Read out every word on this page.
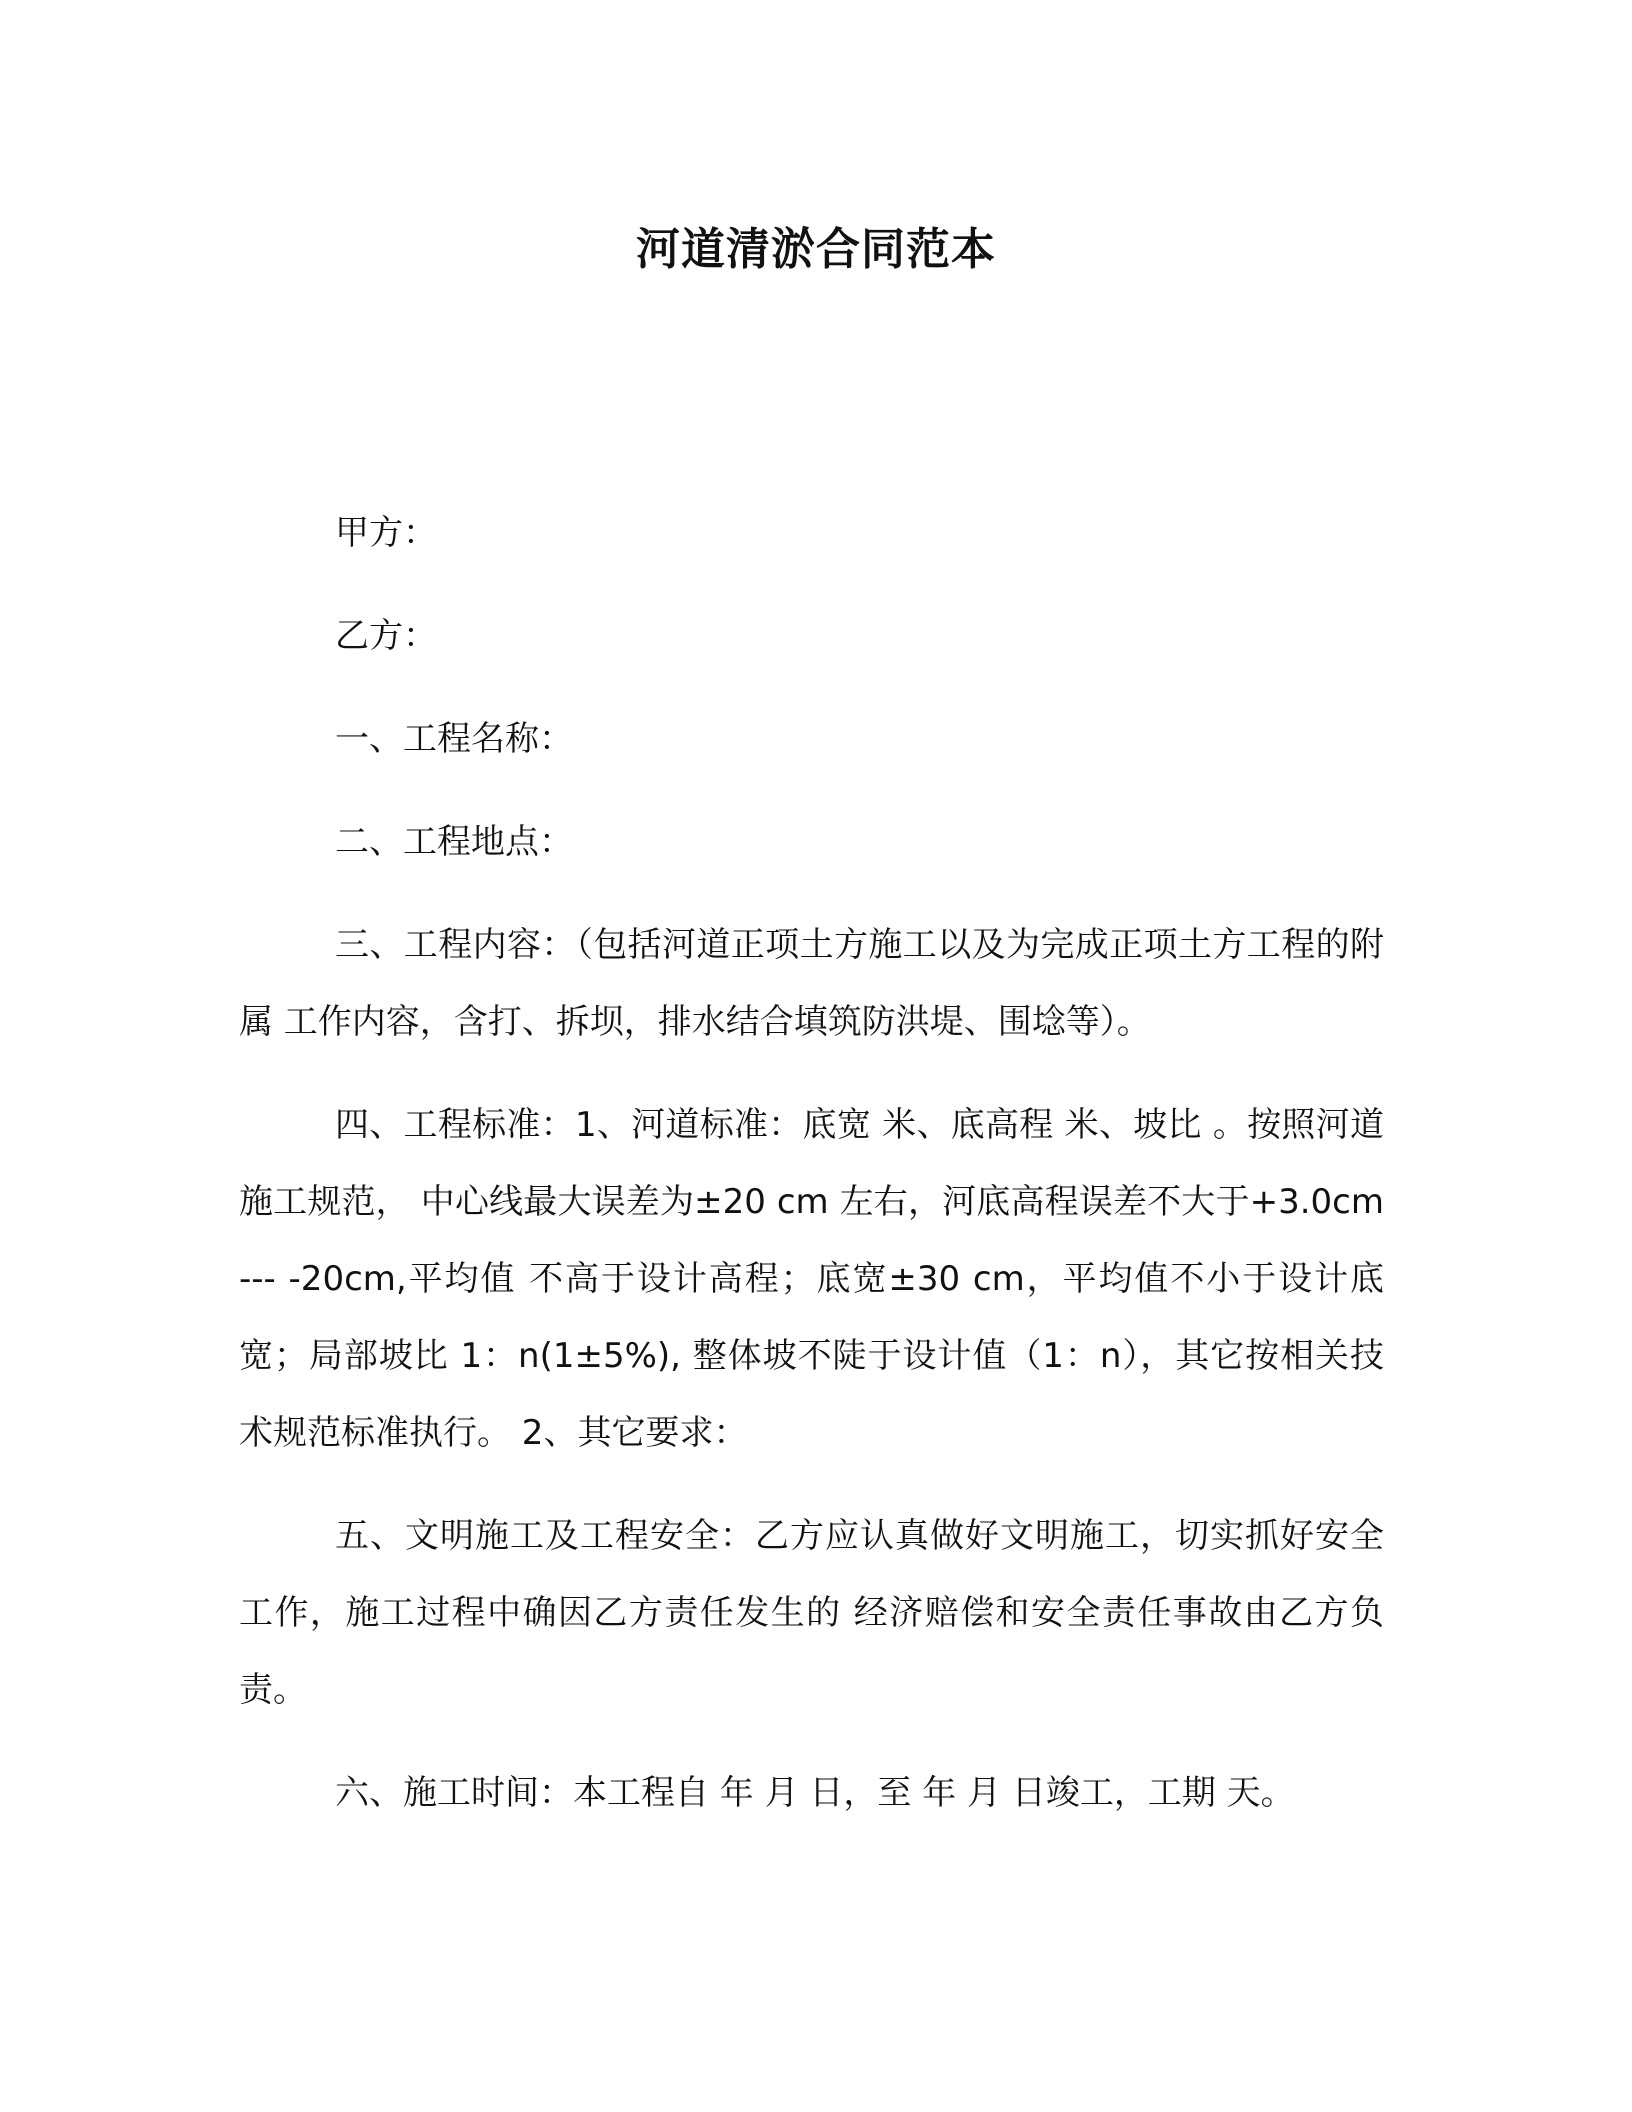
河道清淤合同范本

甲方：

乙方：

一、工程名称：

二、工程地点：

三、工程内容：（包括河道正项土方施工以及为完成正项土方工程的附属 工作内容，含打、拆坝，排水结合填筑防洪堤、围埝等）。

四、工程标准：1、河道标准：底宽 米、底高程 米、坡比 。按照河道施工规范， 中心线最大误差为±20 cm 左右，河底高程误差不大于+3.0cm--- -20cm,平均值 不高于设计高程；底宽±30 cm，平均值不小于设计底宽；局部坡比 1：n(1±5%), 整体坡不陡于设计值（1：n），其它按相关技术规范标准执行。 2、其它要求：

五、文明施工及工程安全：乙方应认真做好文明施工，切实抓好安全工作，施工过程中确因乙方责任发生的 经济赔偿和安全责任事故由乙方负责。

六、施工时间：本工程自 年 月 日，至 年 月 日竣工，工期 天。
